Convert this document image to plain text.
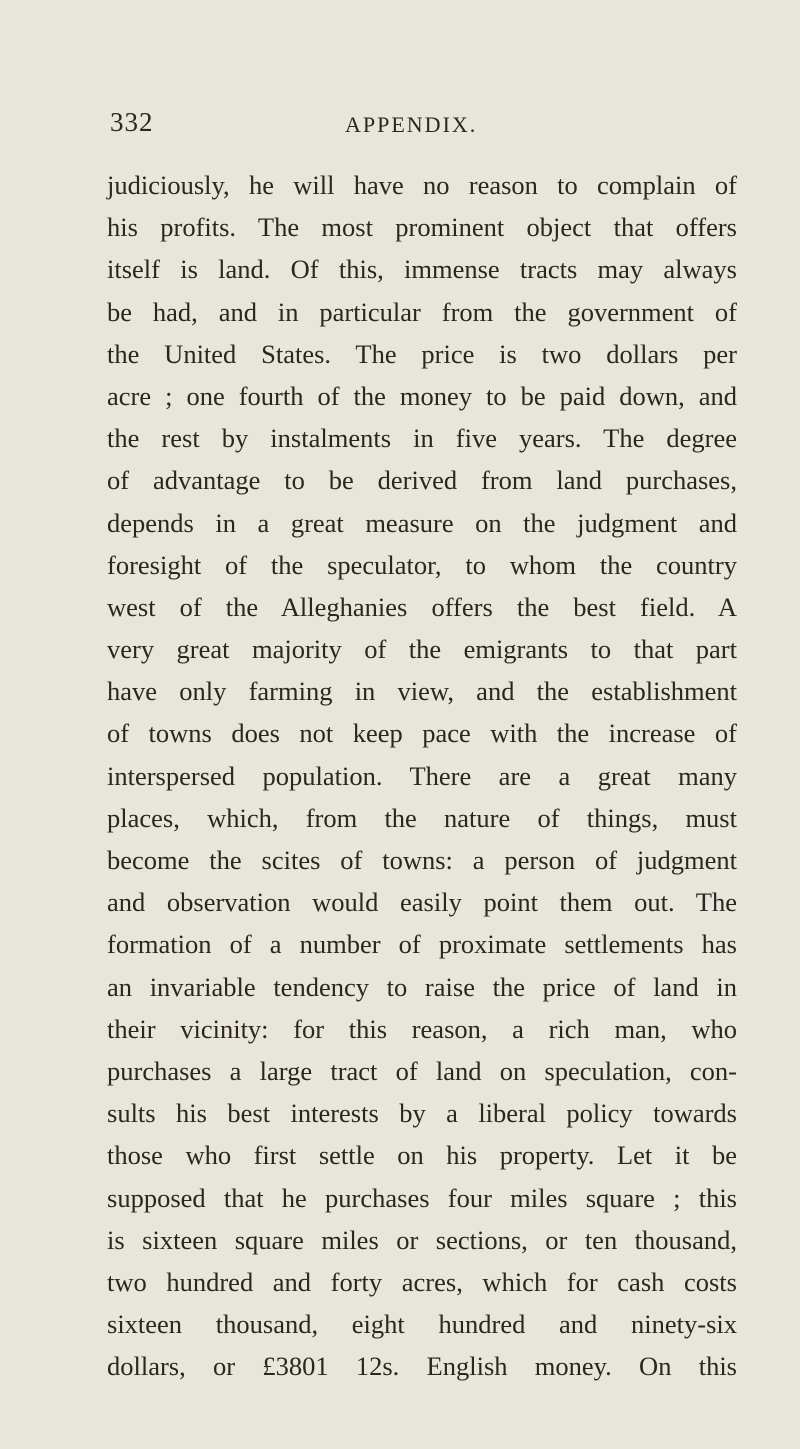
332	APPENDIX.
judiciously, he will have no reason to complain of
his profits. The most prominent object that offers
itself is land. Of this, immense tracts may always
be had, and in particular from the government of
the United States. The price is two dollars per
acre ; one fourth of the money to be paid down, and
the rest by instalments in five years. The degree
of advantage to be derived from land purchases,
depends in a great measure on the judgment and
foresight of the speculator, to whom the country
west of the Alleghanies offers the best field. A
very great majority of the emigrants to that part
have only farming in view, and the establishment
of towns does not keep pace with the increase of
interspersed population. There are a great many
places, which, from the nature of things, must
become the scites of towns: a person of judgment
and observation would easily point them out. The
formation of a number of proximate settlements has
an invariable tendency to raise the price of land in
their vicinity: for this reason, a rich man, who
purchases a large tract of land on speculation, con-
sults his best interests by a liberal policy towards
those who first settle on his property. Let it be
supposed that he purchases four miles square ; this
is sixteen square miles or sections, or ten thousand,
two hundred and forty acres, which for cash costs
sixteen thousand, eight hundred and ninety-six
dollars, or £3801 12s. English money. On this
